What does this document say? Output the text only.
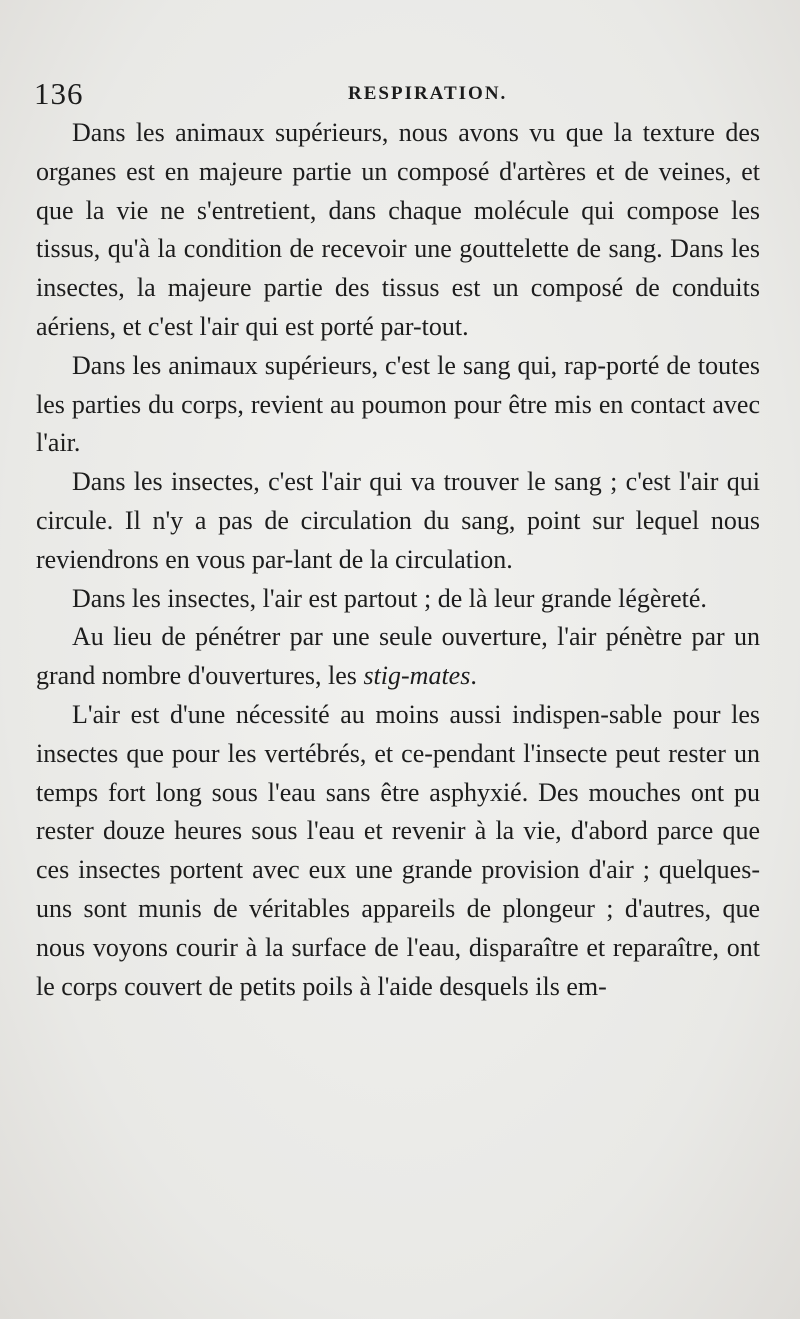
136	RESPIRATION.

Dans les animaux supérieurs, nous avons vu que la texture des organes est en majeure partie un composé d'artères et de veines, et que la vie ne s'entretient, dans chaque molécule qui compose les tissus, qu'à la condition de recevoir une gouttelette de sang. Dans les insectes, la majeure partie des tissus est un composé de conduits aériens, et c'est l'air qui est porté par-tout.

Dans les animaux supérieurs, c'est le sang qui, rap-porté de toutes les parties du corps, revient au poumon pour être mis en contact avec l'air.

Dans les insectes, c'est l'air qui va trouver le sang ; c'est l'air qui circule. Il n'y a pas de circulation du sang, point sur lequel nous reviendrons en vous par-lant de la circulation.

Dans les insectes, l'air est partout ; de là leur grande légèreté.

Au lieu de pénétrer par une seule ouverture, l'air pénètre par un grand nombre d'ouvertures, les stig-mates.

L'air est d'une nécessité au moins aussi indispen-sable pour les insectes que pour les vertébrés, et ce-pendant l'insecte peut rester un temps fort long sous l'eau sans être asphyxié. Des mouches ont pu rester douze heures sous l'eau et revenir à la vie, d'abord parce que ces insectes portent avec eux une grande provision d'air ; quelques-uns sont munis de véritables appareils de plongeur ; d'autres, que nous voyons courir à la surface de l'eau, disparaître et reparaître, ont le corps couvert de petits poils à l'aide desquels ils em-
